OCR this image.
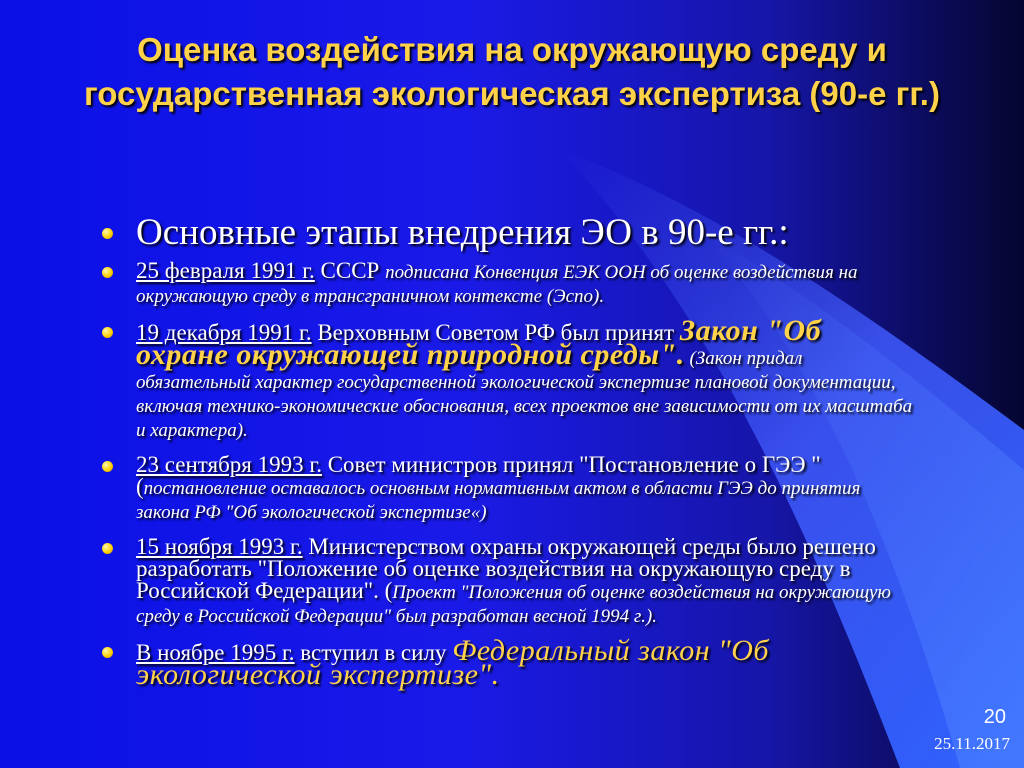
Оценка воздействия на окружающую среду и государственная экологическая экспертиза (90-е гг.)
Основные этапы внедрения ЭО в 90-е гг.:
25 февраля 1991 г. СССР подписана Конвенция ЕЭК ООН об оценке воздействия на окружающую среду в трансграничном контексте (Эспо).
19 декабря 1991 г. Верховным Советом РФ был принят Закон "Об охране окружающей природной среды". (Закон придал обязательный характер государственной экологической экспертизе плановой документации, включая технико-экономические обоснования, всех проектов вне зависимости от их масштаба и характера).
23 сентября 1993 г. Совет министров принял "Постановление о ГЭЭ " (постановление оставалось основным нормативным актом в области ГЭЭ до принятия закона РФ "Об экологической экспертизе«)
15 ноября 1993 г. Министерством охраны окружающей среды было решено разработать "Положение об оценке воздействия на окружающую среду в Российской Федерации". (Проект "Положения об оценке воздействия на окружающую среду в Российской Федерации" был разработан весной 1994 г.).
В ноябре 1995 г. вступил в силу Федеральный закон "Об экологической экспертизе".
20
25.11.2017
